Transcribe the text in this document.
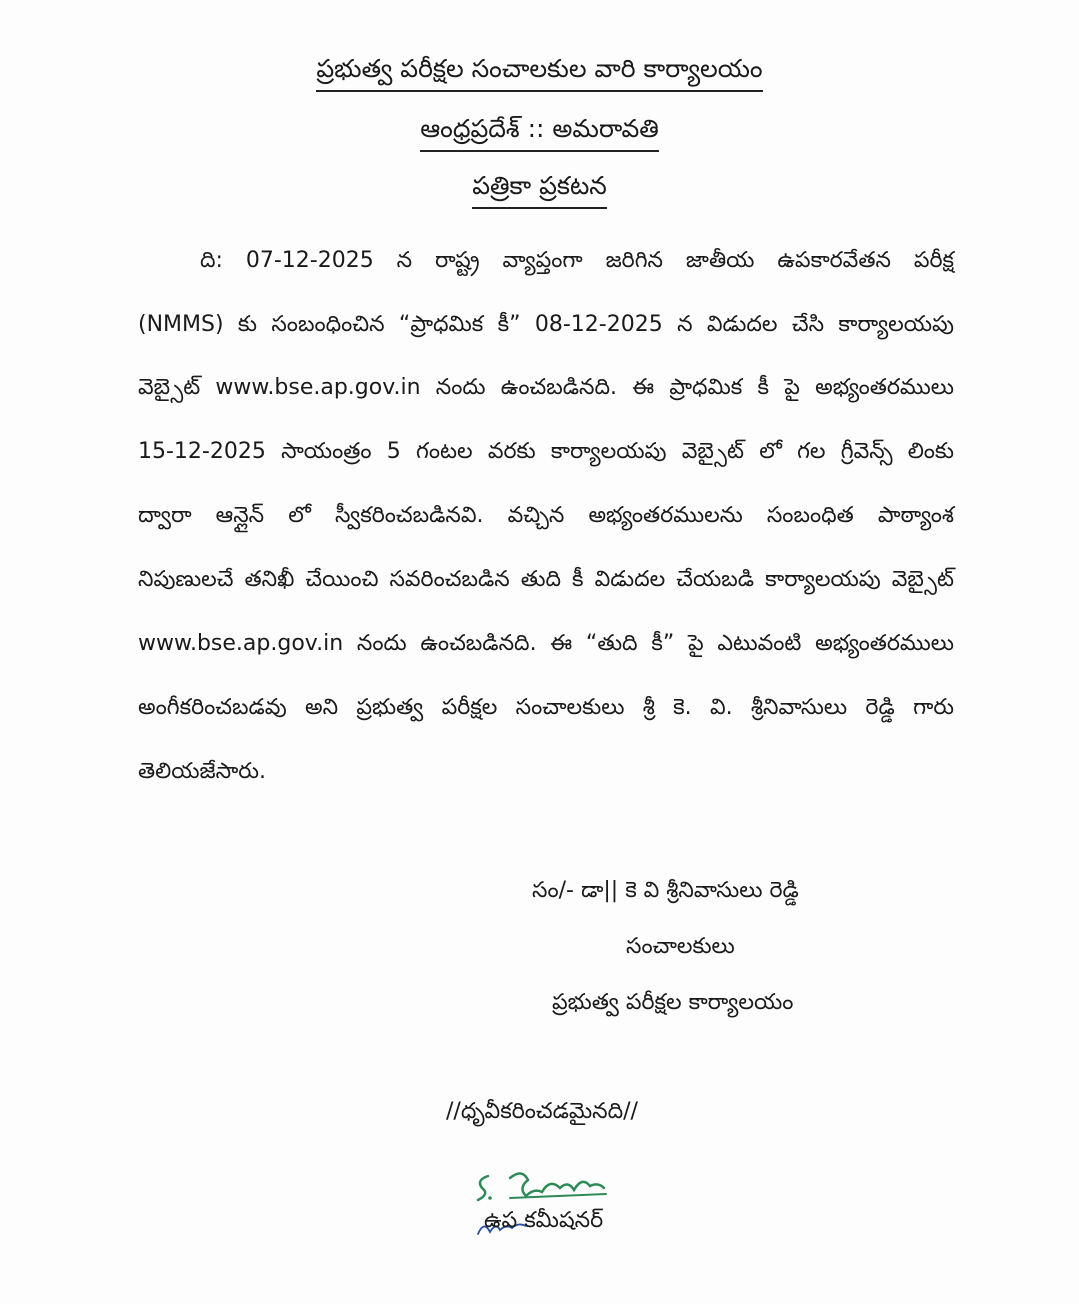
ప్రభుత్వ పరీక్షల సంచాలకుల వారి కార్యాలయం
ఆంధ్రప్రదేశ్ :: అమరావతి
పత్రికా ప్రకటన
ది: 07-12-2025 న రాష్ట్ర వ్యాప్తంగా జరిగిన జాతీయ ఉపకారవేతన పరీక్ష
(NMMS) కు సంబంధించిన “ప్రాధమిక కీ” 08-12-2025 న విడుదల చేసి కార్యాలయపు
వెబ్సైట్ www.bse.ap.gov.in నందు ఉంచబడినది. ఈ ప్రాధమిక కీ పై అభ్యంతరములు
15-12-2025 సాయంత్రం 5 గంటల వరకు కార్యాలయపు వెబ్సైట్ లో గల గ్రీవెన్స్ లింకు
ద్వారా ఆన్లైన్ లో స్వీకరించబడినవి. వచ్చిన అభ్యంతరములను సంబంధిత పాఠ్యాంశ
నిపుణులచే తనిఖీ చేయించి సవరించబడిన తుది కీ విడుదల చేయబడి కార్యాలయపు వెబ్సైట్
www.bse.ap.gov.in నందు ఉంచబడినది. ఈ “తుది కీ” పై ఎటువంటి అభ్యంతరములు
అంగీకరించబడవు అని ప్రభుత్వ పరీక్షల సంచాలకులు శ్రీ కె. వి. శ్రీనివాసులు రెడ్డి గారు
తెలియజేసారు.
సం/- డా|| కె వి శ్రీనివాసులు రెడ్డి
సంచాలకులు
ప్రభుత్వ పరీక్షల కార్యాలయం
//ధృవీకరించడమైనది//
ఉప కమీషనర్
